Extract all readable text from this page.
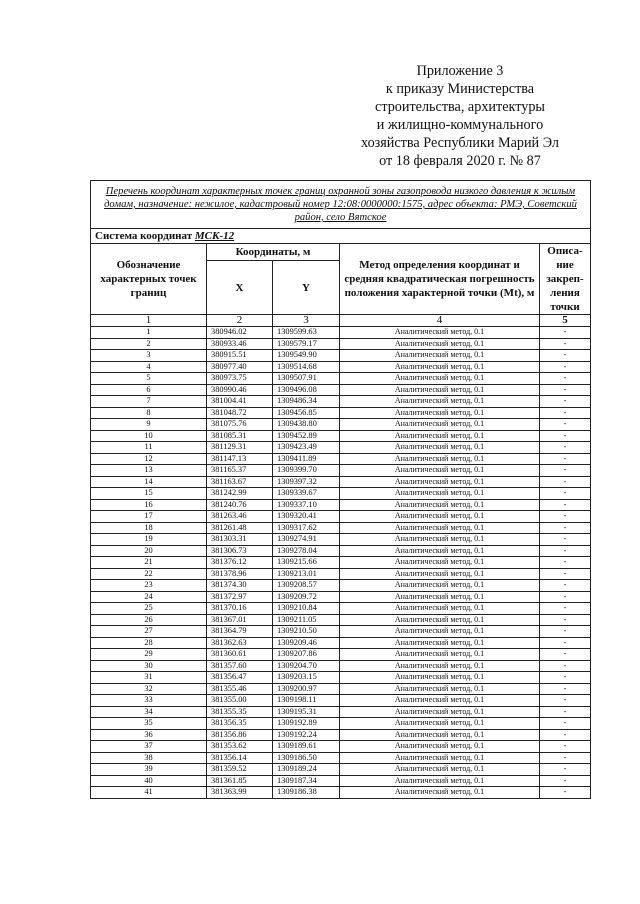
Приложение 3
к приказу Министерства
строительства, архитектуры
и жилищно-коммунального
хозяйства Республики Марий Эл
от 18 февраля 2020 г. № 87
Перечень координат характерных точек границ охранной зоны газопровода низкого давления к жилым домам, назначение: нежилое, кадастровый номер 12:08:0000000:1575, адрес объекта: РМЭ, Советский район, село Вятское				
Система координат МСК-12				
Обозначение характерных точек границ	Координаты, м		Метод определения координат и средняя квадратическая погрешность положения характерной точки (Mt), м	Описа-ние закреп-ления точки
	X	Y		
1	2	3	4	5
1	380946.02	1309599.63	Аналитический метод, 0.1	-
2	380933.46	1309579.17	Аналитический метод, 0.1	-
3	380915.51	1309549.90	Аналитический метод, 0.1	-
4	380977.40	1309514.68	Аналитический метод, 0.1	-
5	380973.75	1309507.91	Аналитический метод, 0.1	-
6	380990.46	1309496.08	Аналитический метод, 0.1	-
7	381004.41	1309486.34	Аналитический метод, 0.1	-
8	381048.72	1309456.85	Аналитический метод, 0.1	-
9	381075.76	1309438.80	Аналитический метод, 0.1	-
10	381085.31	1309452.89	Аналитический метод, 0.1	-
11	381129.31	1309423.49	Аналитический метод, 0.1	-
12	381147.13	1309411.89	Аналитический метод, 0.1	-
13	381165.37	1309399.70	Аналитический метод, 0.1	-
14	381163.67	1309397.32	Аналитический метод, 0.1	-
15	381242.99	1309339.67	Аналитический метод, 0.1	-
16	381240.76	1309337.10	Аналитический метод, 0.1	-
17	381263.46	1309320.41	Аналитический метод, 0.1	-
18	381261.48	1309317.62	Аналитический метод, 0.1	-
19	381303.31	1309274.91	Аналитический метод, 0.1	-
20	381306.73	1309278.04	Аналитический метод, 0.1	-
21	381376.12	1309215.66	Аналитический метод, 0.1	-
22	381378.96	1309213.01	Аналитический метод, 0.1	-
23	381374.30	1309208.57	Аналитический метод, 0.1	-
24	381372.97	1309209.72	Аналитический метод, 0.1	-
25	381370.16	1309210.84	Аналитический метод, 0.1	-
26	381367.01	1309211.05	Аналитический метод, 0.1	-
27	381364.79	1309210.50	Аналитический метод, 0.1	-
28	381362.63	1309209.46	Аналитический метод, 0.1	-
29	381360.61	1309207.86	Аналитический метод, 0.1	-
30	381357.60	1309204.70	Аналитический метод, 0.1	-
31	381356.47	1309203.15	Аналитический метод, 0.1	-
32	381355.46	1309200.97	Аналитический метод, 0.1	-
33	381355.00	1309198.11	Аналитический метод, 0.1	-
34	381355.35	1309195.31	Аналитический метод, 0.1	-
35	381356.35	1309192.89	Аналитический метод, 0.1	-
36	381356.86	1309192.24	Аналитический метод, 0.1	-
37	381353.62	1309189.61	Аналитический метод, 0.1	-
38	381356.14	1309186.50	Аналитический метод, 0.1	-
39	381359.52	1309189.24	Аналитический метод, 0.1	-
40	381361.85	1309187.34	Аналитический метод, 0.1	-
41	381363.99	1309186.38	Аналитический метод, 0.1	-
